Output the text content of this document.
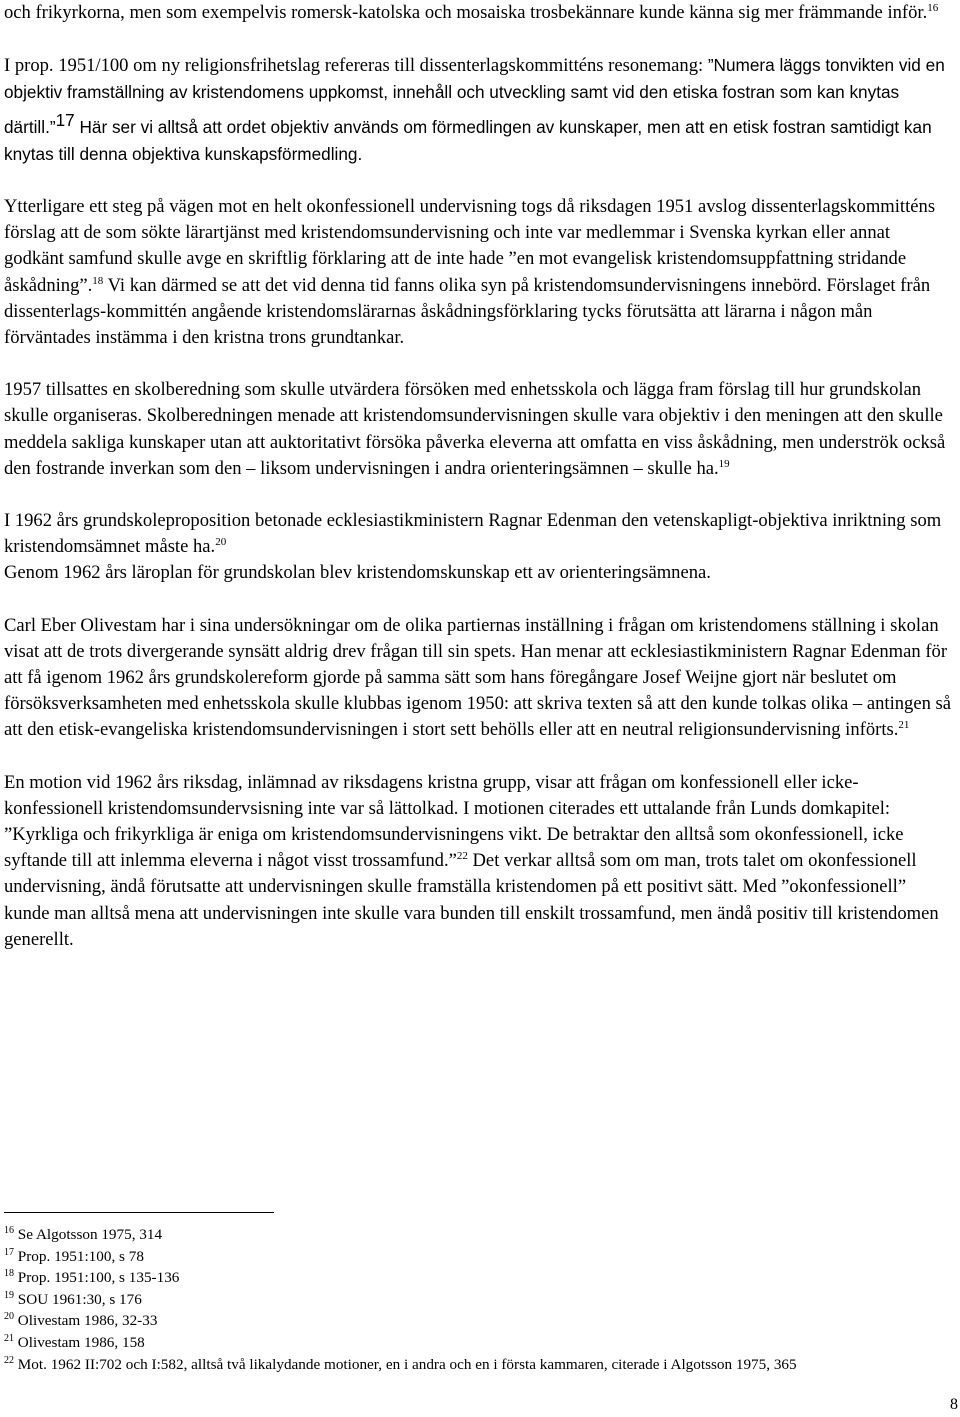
och frikyrkorna, men som exempelvis romersk-katolska och mosaiska trosbekännare kunde känna sig mer främmande inför.$^{16}$

I prop. 1951/100 om ny religionsfrihetslag refereras till dissenterlagskommitténs resonemang: ”Numera läggs tonvikten vid en objektiv framställning av kristendomens uppkomst, innehåll och utveckling samt vid den etiska fostran som kan knytas därtill.”$^{17}$ Här ser vi alltså att ordet objektiv används om förmedlingen av kunskaper, men att en etisk fostran samtidigt kan knytas till denna objektiva kunskapsförmedling.

Ytterligare ett steg på vägen mot en helt okonfessionell undervisning togs då riksdagen 1951 avslog dissenterlagskommitténs förslag att de som sökte lärartjänst med kristendomsundervisning och inte var medlemmar i Svenska kyrkan eller annat godkänt samfund skulle avge en skriftlig förklaring att de inte hade ”en mot evangelisk kristendomsuppfattning stridande åskådning”.$^{18}$ Vi kan därmed se att det vid denna tid fanns olika syn på kristendomsundervisningens innebörd. Förslaget från dissenterlags-kommittén angående kristendomslärarnas åskådningsförklaring tycks förutsätta att lärarna i någon mån förväntades instämma i den kristna trons grundtankar.

1957 tillsattes en skolberedning som skulle utvärdera försöken med enhetsskola och lägga fram förslag till hur grundskolan skulle organiseras. Skolberedningen menade att kristendomsundervisningen skulle vara objektiv i den meningen att den skulle meddela sakliga kunskaper utan att auktoritativt försöka påverka eleverna att omfatta en viss åskådning, men underströk också den fostrande inverkan som den – liksom undervisningen i andra orienteringsämnen – skulle ha.$^{19}$

I 1962 års grundskoleproposition betonade ecklesiastikministern Ragnar Edenman den vetenskapligt-objektiva inriktning som kristendomsämnet måste ha.$^{20}$

Genom 1962 års läroplan för grundskolan blev kristendomskunskap ett av orienteringsämnena.

Carl Eber Olivestam har i sina undersökningar om de olika partiernas inställning i frågan om kristendomens ställning i skolan visat att de trots divergerande synsätt aldrig drev frågan till sin spets. Han menar att ecklesiastikministern Ragnar Edenman för att få igenom 1962 års grundskolereform gjorde på samma sätt som hans föregångare Josef Weijne gjort när beslutet om försöksverksamheten med enhetsskola skulle klubbas igenom 1950: att skriva texten så att den kunde tolkas olika – antingen så att den etisk-evangeliska kristendomsundervisningen i stort sett behölls eller att en neutral religionsundervisning införts.$^{21}$

En motion vid 1962 års riksdag, inlämnad av riksdagens kristna grupp, visar att frågan om konfessionell eller icke-konfessionell kristendomsundervsisning inte var så lättolkad. I motionen citerades ett uttalande från Lunds domkapitel: ”Kyrkliga och frikyrkliga är eniga om kristendomsundervisningens vikt. De betraktar den alltså som okonfessionell, icke syftande till att inlemma eleverna i något visst trossamfund.”$^{22}$ Det verkar alltså som om man, trots talet om okonfessionell undervisning, ändå förutsatte att undervisningen skulle framställa kristendomen på ett positivt sätt. Med ”okonfessionell” kunde man alltså mena att undervisningen inte skulle vara bunden till enskilt trossamfund, men ändå positiv till kristendomen generellt.

$^{16}$ Se Algotsson 1975, 314

$^{17}$ Prop. 1951:100, s 78

$^{18}$ Prop. 1951:100, s 135-136

$^{19}$ SOU 1961:30, s 176

$^{20}$ Olivestam 1986, 32-33

$^{21}$ Olivestam 1986, 158

$^{22}$ Mot. 1962 II:702 och I:582, alltså två likalydande motioner, en i andra och en i första kammaren, citerade i Algotsson 1975, 365

8
